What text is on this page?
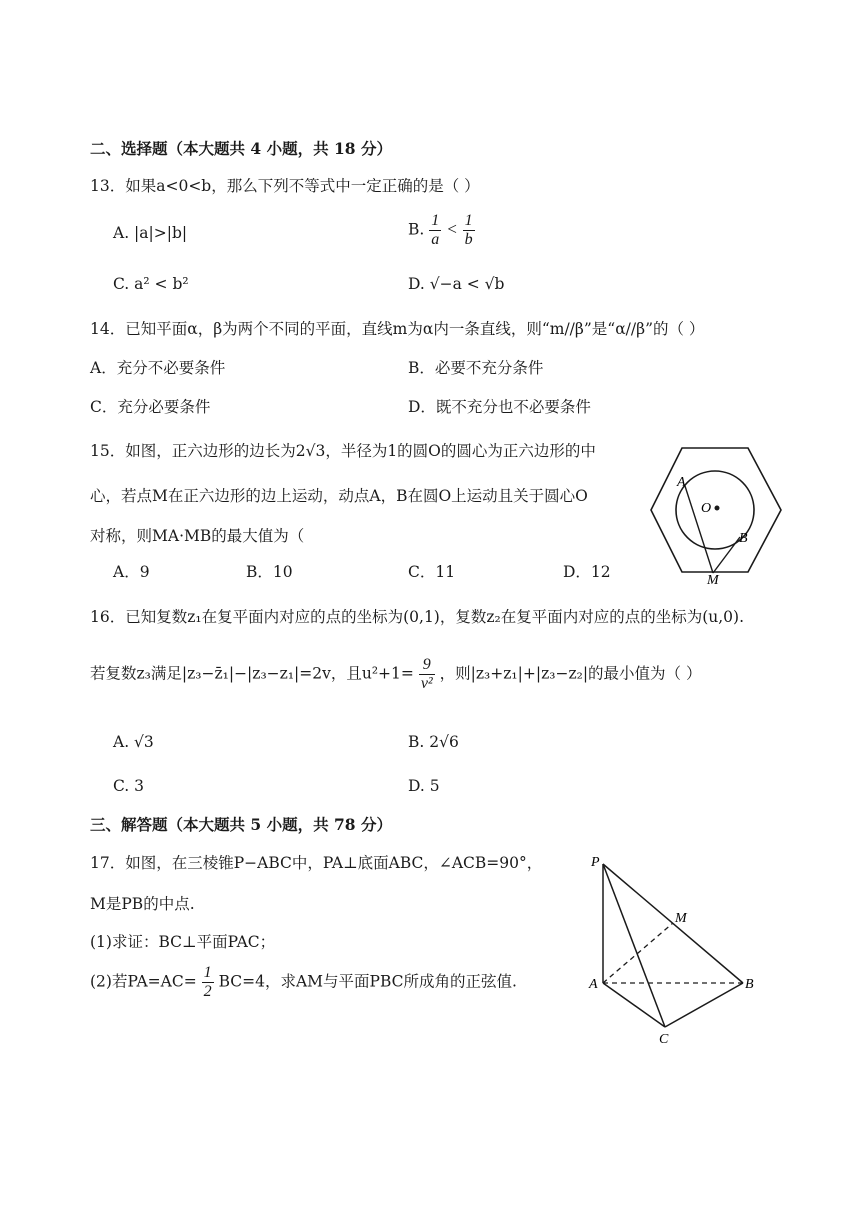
二、选择题（本大题共 4 小题，共 18 分）
13．如果a<0<b，那么下列不等式中一定正确的是（ ）
A. |a|>|b|	B. $\frac{1}{a} < \frac{1}{b}$
C. a² < b²	D. √−a < √b
14．已知平面α，β为两个不同的平面，直线m为α内一条直线，则“m//β”是“α//β”的（ ）
A．充分不必要条件	B．必要不充分条件
C．充分必要条件	D．既不充分也不必要条件
15．如图，正六边形的边长为2√3，半径为1的圆O的圆心为正六边形的中
心，若点M在正六边形的边上运动，动点A，B在圆O上运动且关于圆心O
对称，则MA·MB的最大值为（
A．9	B．10	C．11	D．12
A
O
B
M
16．已知复数z₁在复平面内对应的点的坐标为(0,1)，复数z₂在复平面内对应的点的坐标为(u,0).
若复数z₃满足|z₃−z̄₁|−|z₃−z₁|=2v，且$u^2+1= \frac{9}{\text{v²}}$ ，则|z₃+z₁|+|z₃−z₂|的最小值为（ ）
A. √3	B. 2√6
C. 3	D. 5
三、解答题（本大题共 5 小题，共 78 分）
17．如图，在三棱锥P−ABC中，PA⊥底面ABC，∠ACB=90°，
M是PB的中点.
(1)求证：BC⊥平面PAC；
(2)若$PA=AC= \frac{1}{2} BC=4$，求AM与平面PBC所成角的正弦值.
P
M
A	B
C
